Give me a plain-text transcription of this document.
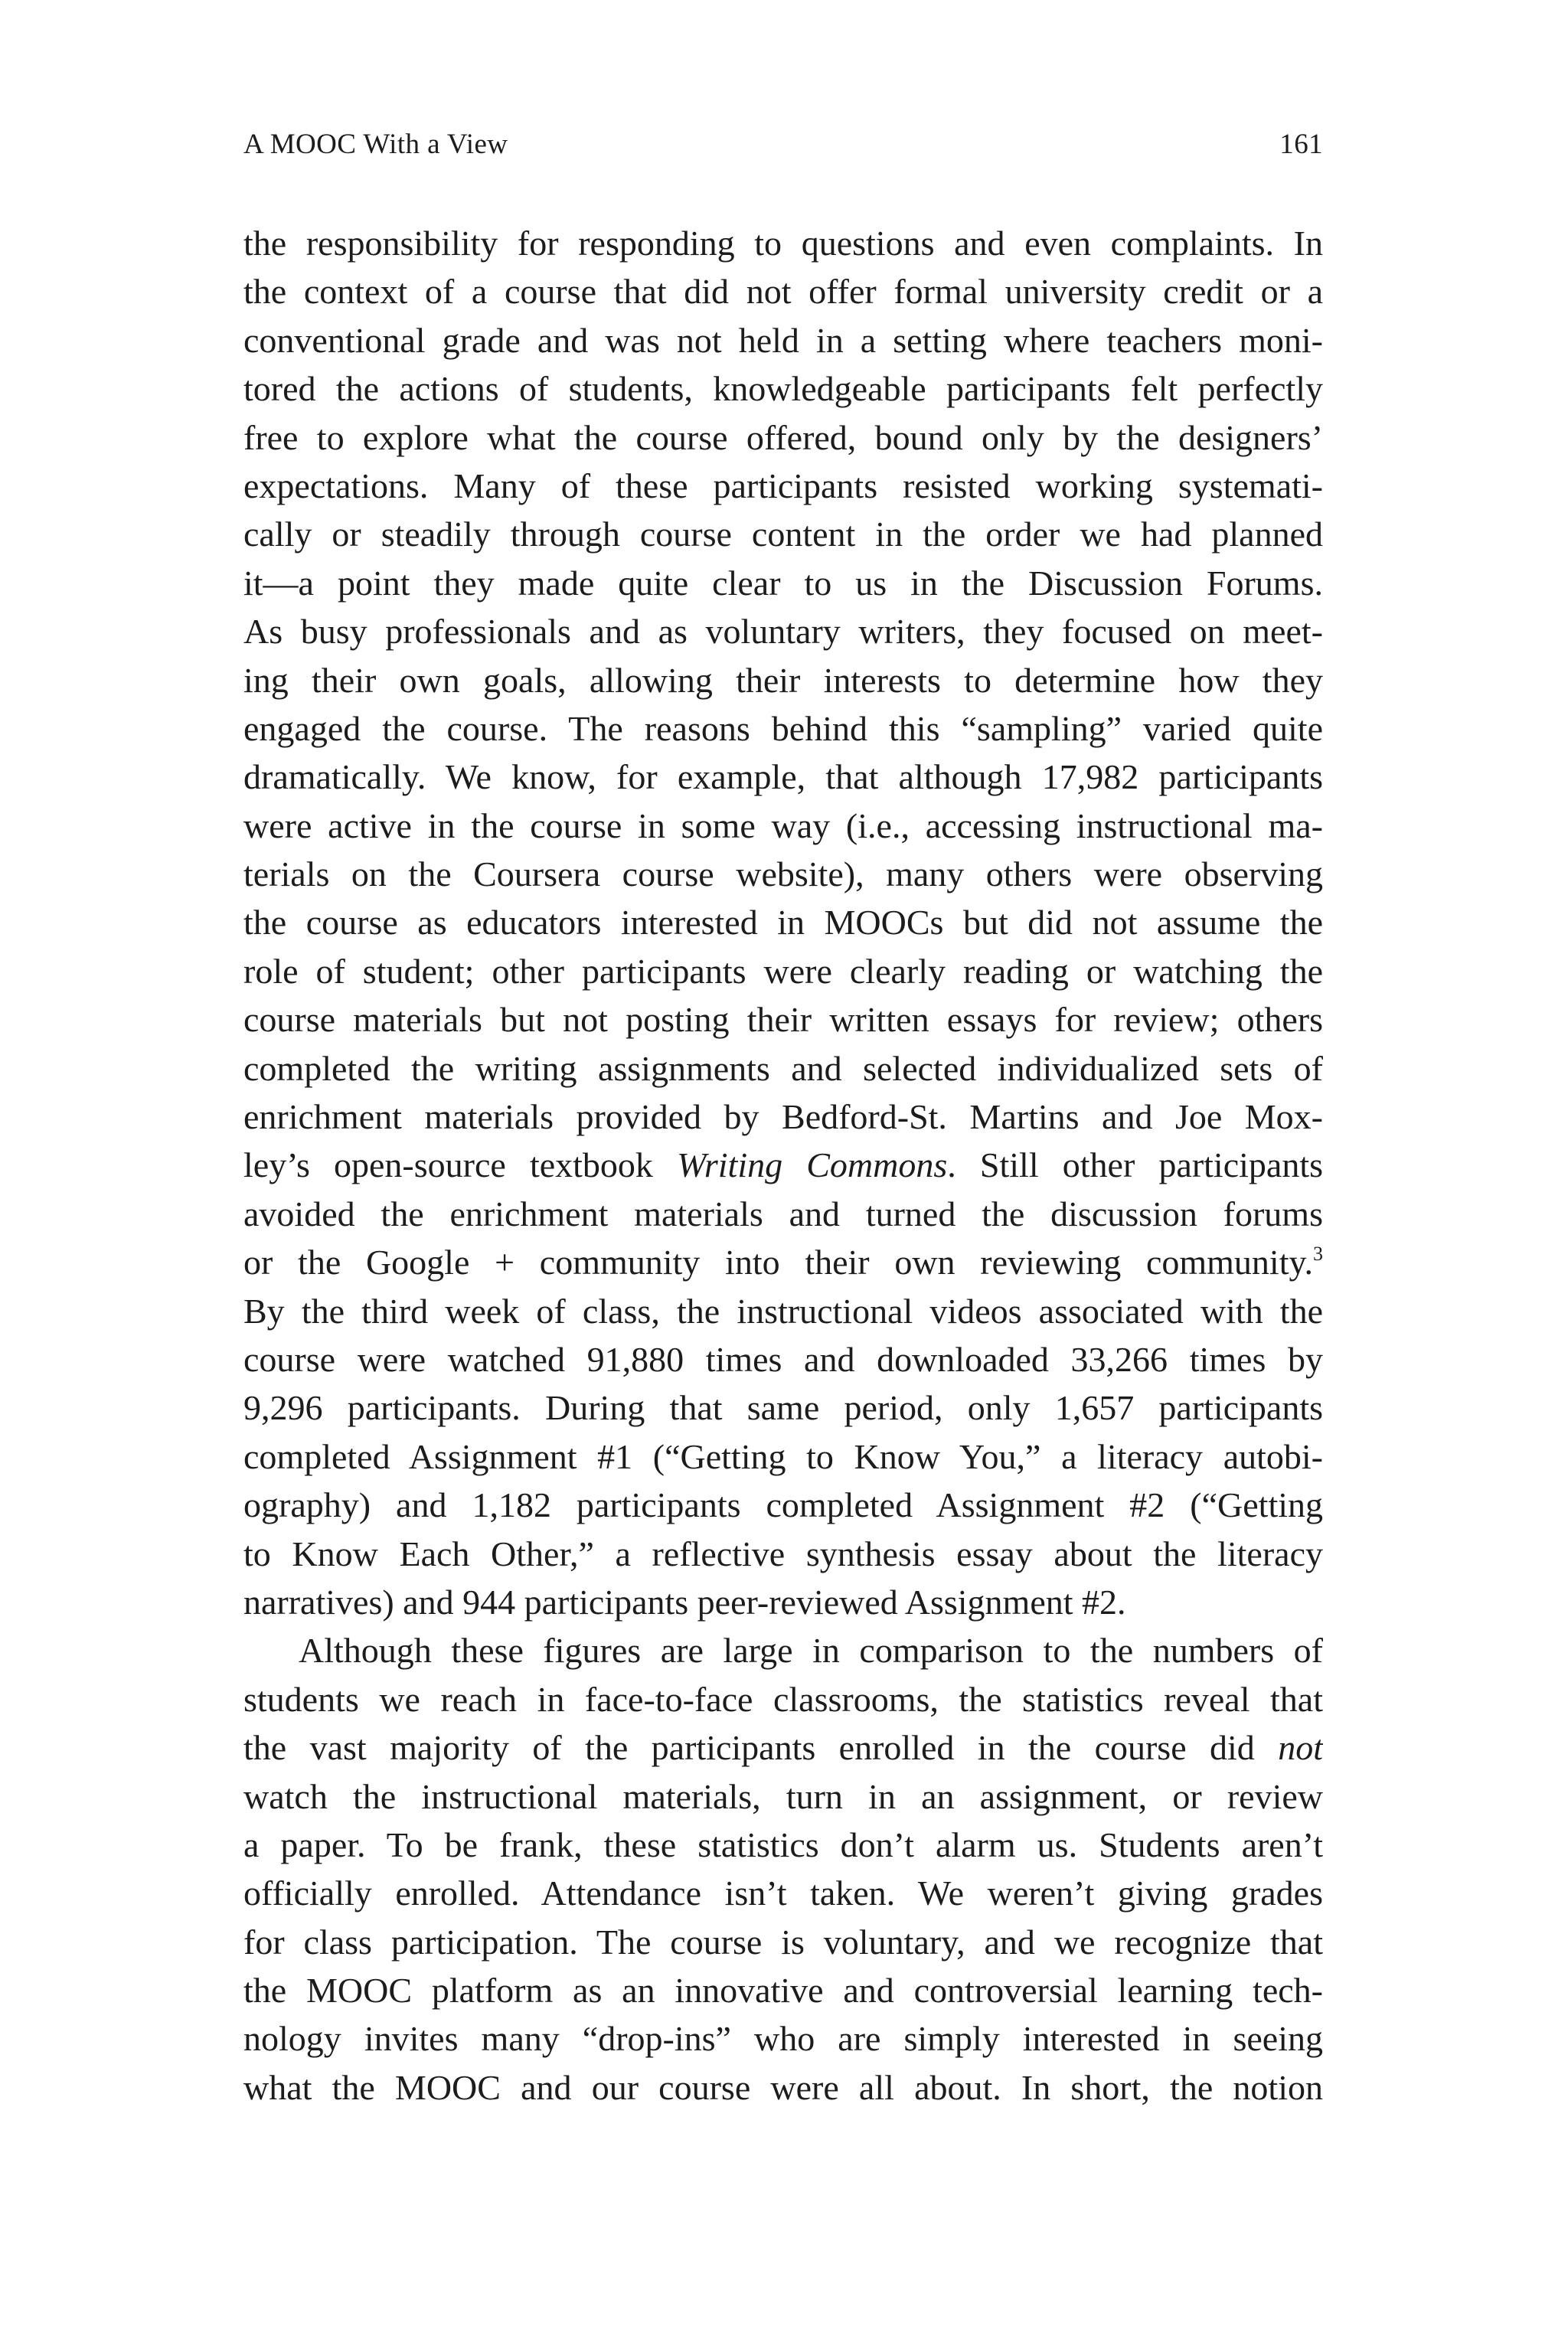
A MOOC With a View	161
the responsibility for responding to questions and even complaints. In
the context of a course that did not offer formal university credit or a
conventional grade and was not held in a setting where teachers moni-
tored the actions of students, knowledgeable participants felt perfectly
free to explore what the course offered, bound only by the designers’
expectations. Many of these participants resisted working systemati-
cally or steadily through course content in the order we had planned
it—a point they made quite clear to us in the Discussion Forums.
As busy professionals and as voluntary writers, they focused on meet-
ing their own goals, allowing their interests to determine how they
engaged the course. The reasons behind this “sampling” varied quite
dramatically. We know, for example, that although 17,982 participants
were active in the course in some way (i.e., accessing instructional ma-
terials on the Coursera course website), many others were observing
the course as educators interested in MOOCs but did not assume the
role of student; other participants were clearly reading or watching the
course materials but not posting their written essays for review; others
completed the writing assignments and selected individualized sets of
enrichment materials provided by Bedford-St. Martins and Joe Mox-
ley’s open-source textbook Writing Commons. Still other participants
avoided the enrichment materials and turned the discussion forums
or the Google + community into their own reviewing community.$^3$
By the third week of class, the instructional videos associated with the
course were watched 91,880 times and downloaded 33,266 times by
9,296 participants. During that same period, only 1,657 participants
completed Assignment #1 (“Getting to Know You,” a literacy autobi-
ography) and 1,182 participants completed Assignment #2 (“Getting
to Know Each Other,” a reflective synthesis essay about the literacy
narratives) and 944 participants peer-reviewed Assignment #2.
Although these figures are large in comparison to the numbers of
students we reach in face-to-face classrooms, the statistics reveal that
the vast majority of the participants enrolled in the course did not
watch the instructional materials, turn in an assignment, or review
a paper. To be frank, these statistics don’t alarm us. Students aren’t
officially enrolled. Attendance isn’t taken. We weren’t giving grades
for class participation. The course is voluntary, and we recognize that
the MOOC platform as an innovative and controversial learning tech-
nology invites many “drop-ins” who are simply interested in seeing
what the MOOC and our course were all about. In short, the notion
